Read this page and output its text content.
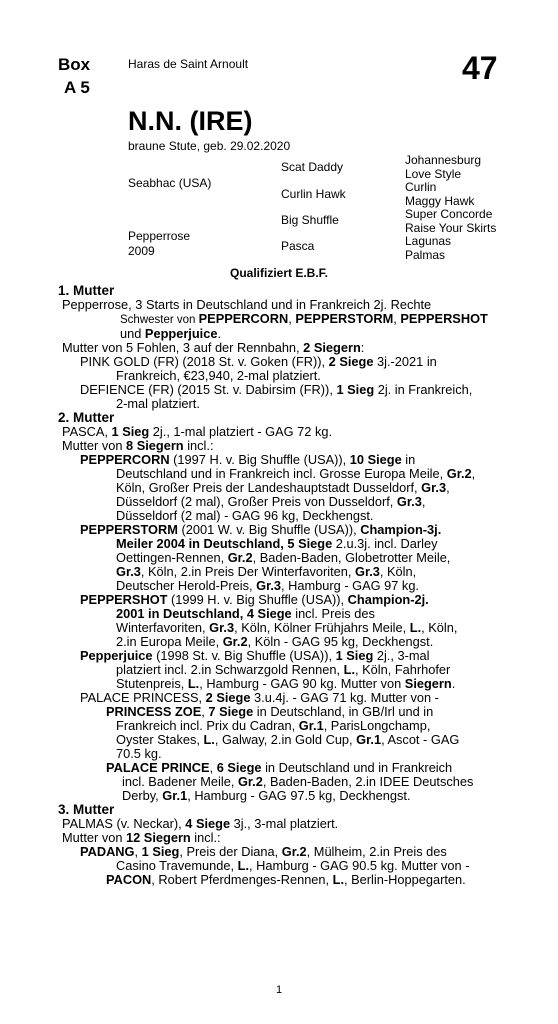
Box
A 5
Haras de Saint Arnoult	47
N.N. (IRE)
braune Stute, geb. 29.02.2020
Seabhac (USA)
Pepperrose
2009
Scat Daddy
Curlin Hawk
Big Shuffle
Pasca
Johannesburg
Love Style
Curlin
Maggy Hawk
Super Concorde
Raise Your Skirts
Lagunas
Palmas
Qualifiziert E.B.F.

1. Mutter

Pepperrose, 3 Starts in Deutschland und in Frankreich 2j. Rechte

Schwester von PEPPERCORN, PEPPERSTORM, PEPPERSHOT

und Pepperjuice.

Mutter von 5 Fohlen, 3 auf der Rennbahn, 2 Siegern:

PINK GOLD (FR) (2018 St. v. Goken (FR)), 2 Siege 3j.-2021 in

Frankreich, €23,940, 2-mal platziert.

DEFIENCE (FR) (2015 St. v. Dabirsim (FR)), 1 Sieg 2j. in Frankreich,

2-mal platziert.

2. Mutter

PASCA, 1 Sieg 2j., 1-mal platziert - GAG 72 kg.

Mutter von 8 Siegern incl.:

PEPPERCORN (1997 H. v. Big Shuffle (USA)), 10 Siege in

Deutschland und in Frankreich incl. Grosse Europa Meile, Gr.2,

Köln, Großer Preis der Landeshauptstadt Dusseldorf, Gr.3,

Düsseldorf (2 mal), Großer Preis von Dusseldorf, Gr.3,

Düsseldorf (2 mal) - GAG 96 kg, Deckhengst.

PEPPERSTORM (2001 W. v. Big Shuffle (USA)), Champion-3j.

Meiler 2004 in Deutschland, 5 Siege 2.u.3j. incl. Darley

Oettingen-Rennen, Gr.2, Baden-Baden, Globetrotter Meile,

Gr.3, Köln, 2.in Preis Der Winterfavoriten, Gr.3, Köln,

Deutscher Herold-Preis, Gr.3, Hamburg - GAG 97 kg.

PEPPERSHOT (1999 H. v. Big Shuffle (USA)), Champion-2j.

2001 in Deutschland, 4 Siege incl. Preis des

Winterfavoriten, Gr.3, Köln, Kölner Frühjahrs Meile, L., Köln,

2.in Europa Meile, Gr.2, Köln - GAG 95 kg, Deckhengst.

Pepperjuice (1998 St. v. Big Shuffle (USA)), 1 Sieg 2j., 3-mal

platziert incl. 2.in Schwarzgold Rennen, L., Köln, Fahrhofer

Stutenpreis, L., Hamburg - GAG 90 kg. Mutter von Siegern.

PALACE PRINCESS, 2 Siege 3.u.4j. - GAG 71 kg. Mutter von -

PRINCESS ZOE, 7 Siege in Deutschland, in GB/Irl und in

Frankreich incl. Prix du Cadran, Gr.1, ParisLongchamp,

Oyster Stakes, L., Galway, 2.in Gold Cup, Gr.1, Ascot - GAG

70.5 kg.

PALACE PRINCE, 6 Siege in Deutschland und in Frankreich

incl. Badener Meile, Gr.2, Baden-Baden, 2.in IDEE Deutsches

Derby, Gr.1, Hamburg - GAG 97.5 kg, Deckhengst.

3. Mutter

PALMAS (v. Neckar), 4 Siege 3j., 3-mal platziert.

Mutter von 12 Siegern incl.:

PADANG, 1 Sieg, Preis der Diana, Gr.2, Mülheim, 2.in Preis des

Casino Travemunde, L., Hamburg - GAG 90.5 kg. Mutter von -

PACON, Robert Pferdmenges-Rennen, L., Berlin-Hoppegarten.

1
